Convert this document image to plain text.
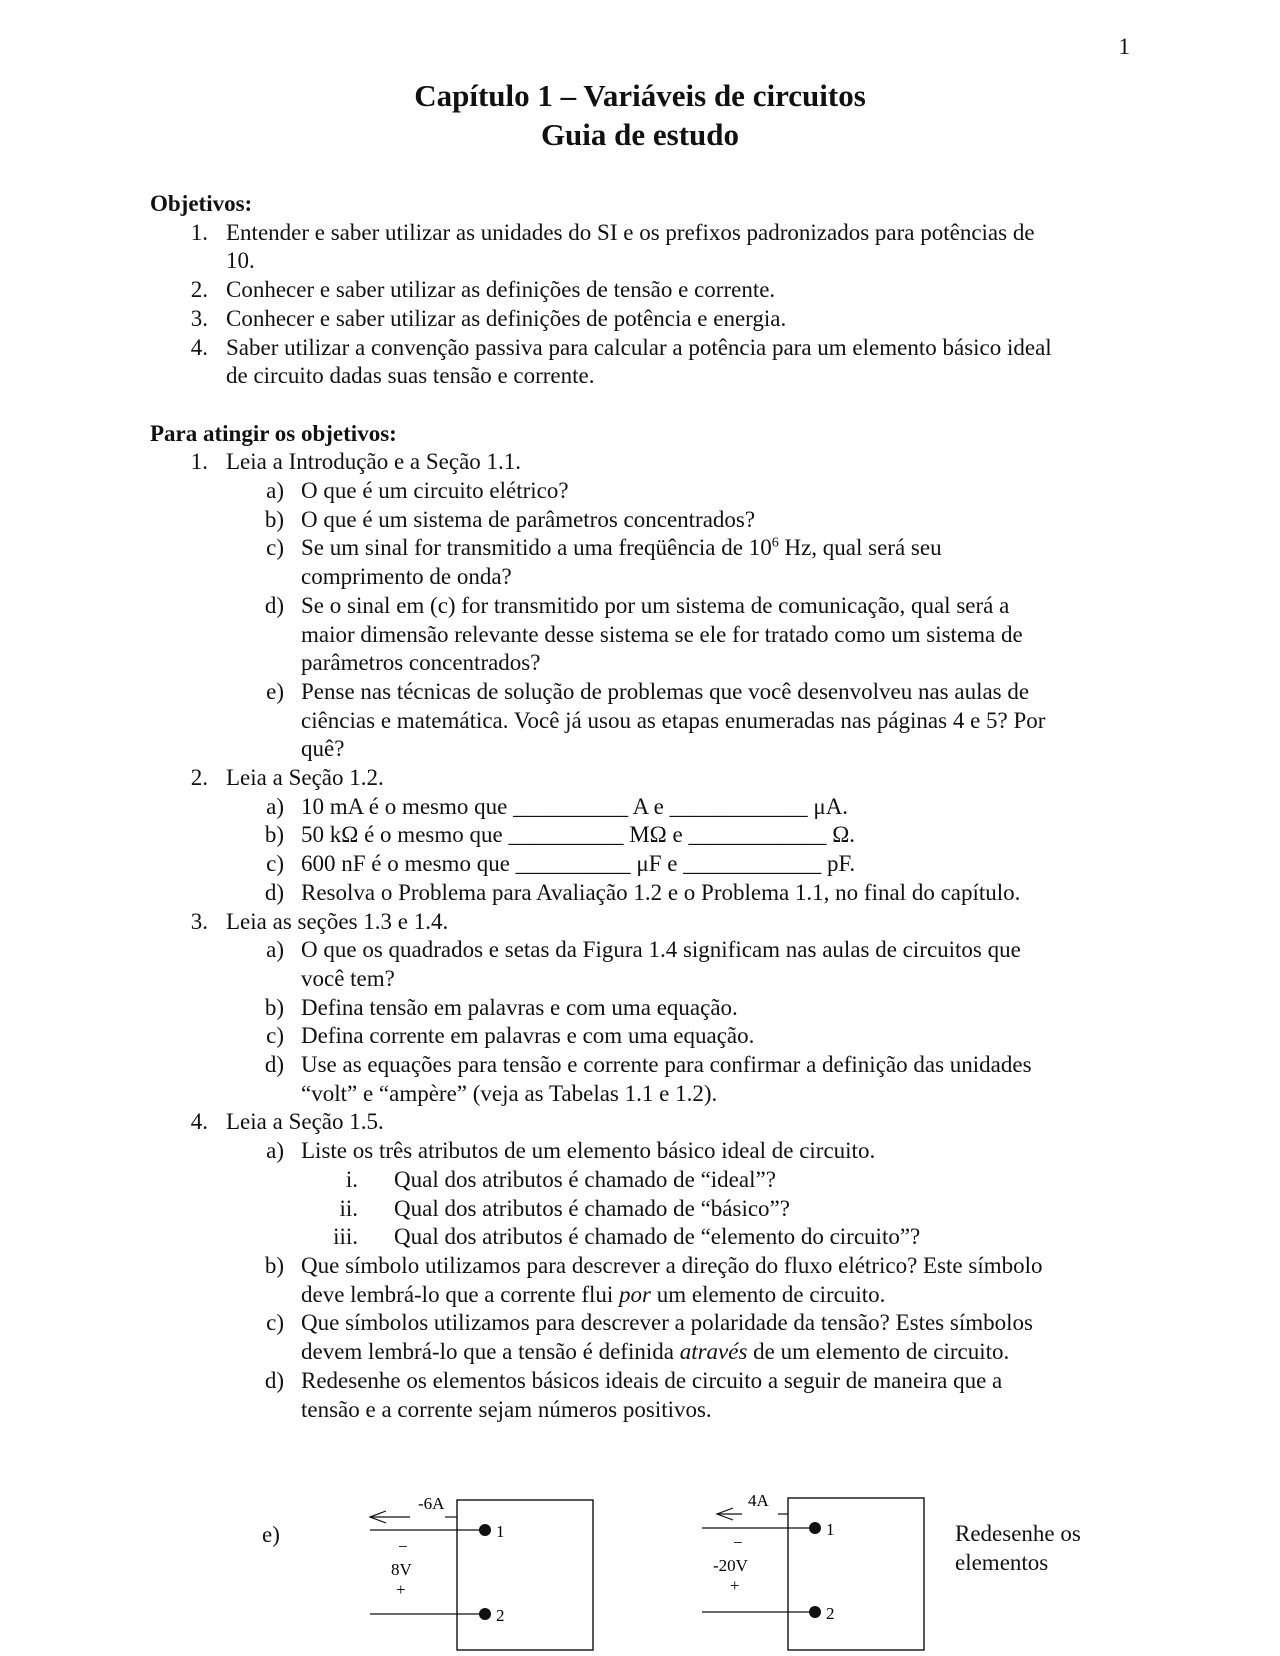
1
Capítulo 1 – Variáveis de circuitos
Guia de estudo
Objetivos:
1. Entender e saber utilizar as unidades do SI e os prefixos padronizados para potências de
10.
2. Conhecer e saber utilizar as definições de tensão e corrente.
3. Conhecer e saber utilizar as definições de potência e energia.
4. Saber utilizar a convenção passiva para calcular a potência para um elemento básico ideal
de circuito dadas suas tensão e corrente.
Para atingir os objetivos:
1. Leia a Introdução e a Seção 1.1.
a) O que é um circuito elétrico?
b) O que é um sistema de parâmetros concentrados?
c) Se um sinal for transmitido a uma freqüência de $10^6$ Hz, qual será seu
comprimento de onda?
d) Se o sinal em (c) for transmitido por um sistema de comunicação, qual será a
maior dimensão relevante desse sistema se ele for tratado como um sistema de
parâmetros concentrados?
e) Pense nas técnicas de solução de problemas que você desenvolveu nas aulas de
ciências e matemática. Você já usou as etapas enumeradas nas páginas 4 e 5? Por
quê?
2. Leia a Seção 1.2.
a) 10 mA é o mesmo que __________ A e ____________ μA.
b) 50 kΩ é o mesmo que __________ MΩ e ____________ Ω.
c) 600 nF é o mesmo que __________ μF e ____________ pF.
d) Resolva o Problema para Avaliação 1.2 e o Problema 1.1, no final do capítulo.
3. Leia as seções 1.3 e 1.4.
a) O que os quadrados e setas da Figura 1.4 significam nas aulas de circuitos que
você tem?
b) Defina tensão em palavras e com uma equação.
c) Defina corrente em palavras e com uma equação.
d) Use as equações para tensão e corrente para confirmar a definição das unidades
“volt” e “ampère” (veja as Tabelas 1.1 e 1.2).
4. Leia a Seção 1.5.
a) Liste os três atributos de um elemento básico ideal de circuito.
i. Qual dos atributos é chamado de “ideal”?
ii. Qual dos atributos é chamado de “básico”?
iii. Qual dos atributos é chamado de “elemento do circuito”?
b) Que símbolo utilizamos para descrever a direção do fluxo elétrico? Este símbolo
deve lembrá-lo que a corrente flui por um elemento de circuito.
c) Que símbolos utilizamos para descrever a polaridade da tensão? Estes símbolos
devem lembrá-lo que a tensão é definida através de um elemento de circuito.
d) Redesenhe os elementos básicos ideais de circuito a seguir de maneira que a
tensão e a corrente sejam números positivos.
e)
-6A
1
−
8V
+
2
4A
1
−
-20V
+
2
Redesenhe os
elementos
